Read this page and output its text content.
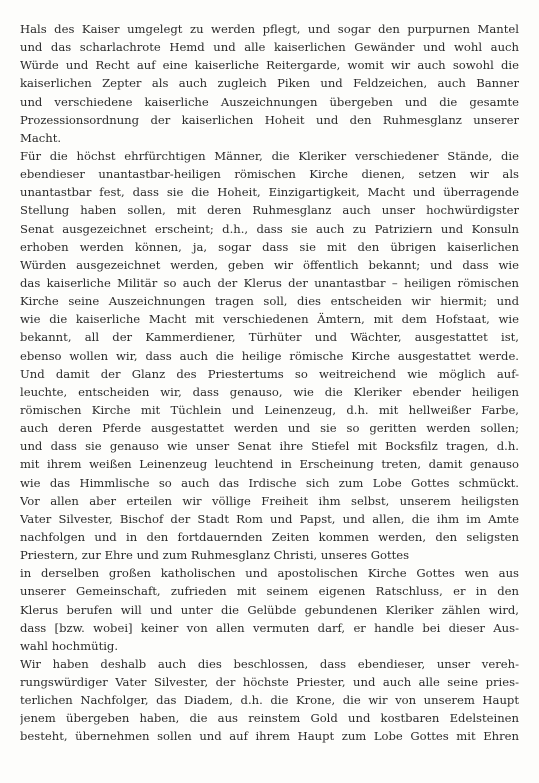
Hals des Kaiser umgelegt zu werden pflegt, und sogar den purpurnen Mantel
und das scharlachrote Hemd und alle kaiserlichen Gewänder und wohl auch
Würde und Recht auf eine kaiserliche Reitergarde, womit wir auch sowohl die
kaiserlichen Zepter als auch zugleich Piken und Feldzeichen, auch Banner
und verschiedene kaiserliche Auszeichnungen übergeben und die gesamte
Prozessionsordnung der kaiserlichen Hoheit und den Ruhmesglanz unserer
Macht.
Für die höchst ehrfürchtigen Männer, die Kleriker verschiedener Stände, die
ebendieser unantastbar-heiligen römischen Kirche dienen, setzen wir als
unantastbar fest, dass sie die Hoheit, Einzigartigkeit, Macht und überragende
Stellung haben sollen, mit deren Ruhmesglanz auch unser hochwürdigster
Senat ausgezeichnet erscheint; d.h., dass sie auch zu Patriziern und Konsuln
erhoben werden können, ja, sogar dass sie mit den übrigen kaiserlichen
Würden ausgezeichnet werden, geben wir öffentlich bekannt; und dass wie
das kaiserliche Militär so auch der Klerus der unantastbar – heiligen römischen
Kirche seine Auszeichnungen tragen soll, dies entscheiden wir hiermit; und
wie die kaiserliche Macht mit verschiedenen Ämtern, mit dem Hofstaat, wie
bekannt, all der Kammerdiener, Türhüter und Wächter, ausgestattet ist,
ebenso wollen wir, dass auch die heilige römische Kirche ausgestattet werde.
Und damit der Glanz des Priestertums so weitreichend wie möglich auf-
leuchte, entscheiden wir, dass genauso, wie die Kleriker ebender heiligen
römischen Kirche mit Tüchlein und Leinenzeug, d.h. mit hellweißer Farbe,
auch deren Pferde ausgestattet werden und sie so geritten werden sollen;
und dass sie genauso wie unser Senat ihre Stiefel mit Bocksfilz tragen, d.h.
mit ihrem weißen Leinenzeug leuchtend in Erscheinung treten, damit genauso
wie das Himmlische so auch das Irdische sich zum Lobe Gottes schmückt.
Vor allen aber erteilen wir völlige Freiheit ihm selbst, unserem heiligsten
Vater Silvester, Bischof der Stadt Rom und Papst, und allen, die ihm im Amte
nachfolgen und in den fortdauernden Zeiten kommen werden, den seligsten
Priestern, zur Ehre und zum Ruhmesglanz Christi, unseres Gottes
in derselben großen katholischen und apostolischen Kirche Gottes wen aus
unserer Gemeinschaft, zufrieden mit seinem eigenen Ratschluss, er in den
Klerus berufen will und unter die Gelübde gebundenen Kleriker zählen wird,
dass [bzw. wobei] keiner von allen vermuten darf, er handle bei dieser Aus-
wahl hochmütig.
Wir haben deshalb auch dies beschlossen, dass ebendieser, unser vereh-
rungswürdiger Vater Silvester, der höchste Priester, und auch alle seine pries-
terlichen Nachfolger, das Diadem, d.h. die Krone, die wir von unserem Haupt
jenem übergeben haben, die aus reinstem Gold und kostbaren Edelsteinen
besteht, übernehmen sollen und auf ihrem Haupt zum Lobe Gottes mit Ehren
